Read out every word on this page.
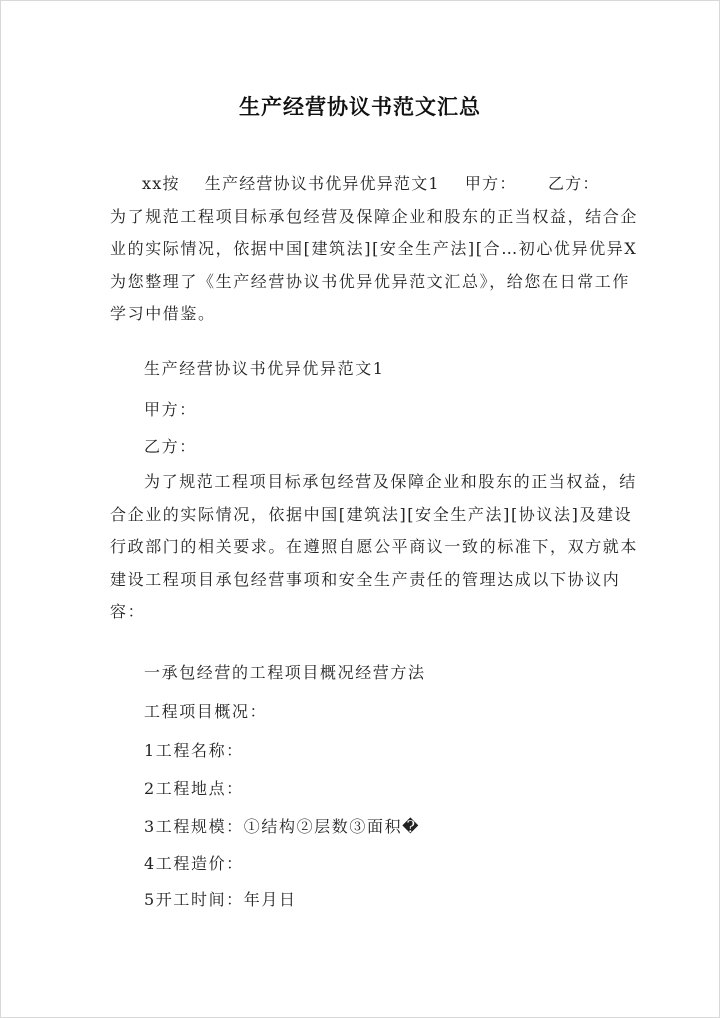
生产经营协议书范文汇总
xx按    生产经营协议书优异优异范文1    甲方：     乙方：
为了规范工程项目标承包经营及保障企业和股东的正当权益，结合企
业的实际情况，依据中国[建筑法][安全生产法][合…初心优异优异X
为您整理了《生产经营协议书优异优异范文汇总》，给您在日常工作
学习中借鉴。
生产经营协议书优异优异范文1
甲方：
乙方：
为了规范工程项目标承包经营及保障企业和股东的正当权益，结
合企业的实际情况，依据中国[建筑法][安全生产法][协议法]及建设
行政部门的相关要求。在遵照自愿公平商议一致的标准下，双方就本
建设工程项目承包经营事项和安全生产责任的管理达成以下协议内
容：
一承包经营的工程项目概况经营方法
工程项目概况：
1工程名称：
2工程地点：
3工程规模：①结构②层数③面积�
4工程造价：
5开工时间：年月日
